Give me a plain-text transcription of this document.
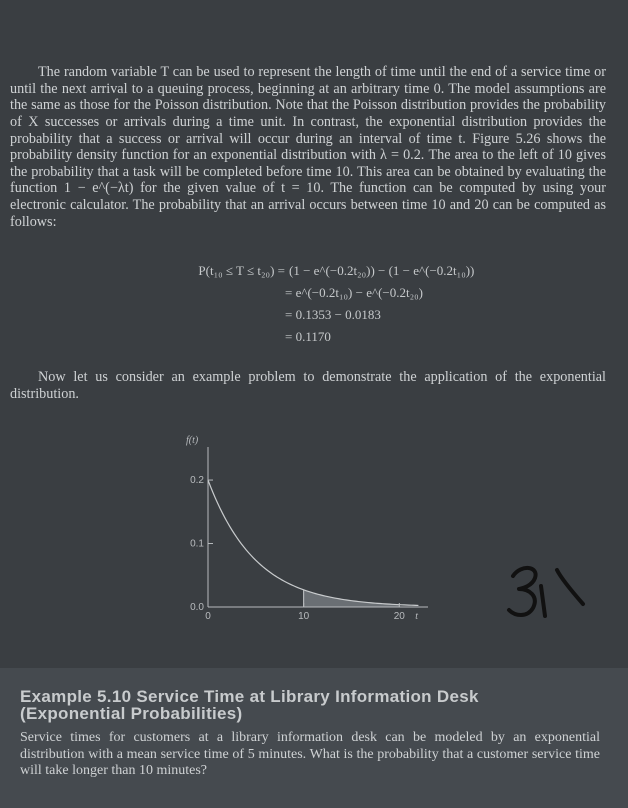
The random variable T can be used to represent the length of time until the end of a service time or until the next arrival to a queuing process, beginning at an arbitrary time 0. The model assumptions are the same as those for the Poisson distribution. Note that the Poisson distribution provides the probability of X successes or arrivals during a time unit. In contrast, the exponential distribution provides the probability that a success or arrival will occur during an interval of time t. Figure 5.26 shows the probability density function for an exponential distribution with λ = 0.2. The area to the left of 10 gives the probability that a task will be completed before time 10. This area can be obtained by evaluating the function 1 − e^(−λt) for the given value of t = 10. The function can be computed by using your electronic calculator. The probability that an arrival occurs between time 10 and 20 can be computed as follows:

P(t₁₀ ≤ T ≤ t₂₀) = (1 − e^(−0.2t₂₀)) − (1 − e^(−0.2t₁₀))
= e^(−0.2t₁₀) − e^(−0.2t₂₀)
= 0.1353 − 0.0183
= 0.1170

Now let us consider an example problem to demonstrate the application of the exponential distribution.

0.0
0.1
0.2
0	10	20
f(t)
t
Example 5.10 Service Time at Library Information Desk (Exponential Probabilities)
Service times for customers at a library information desk can be modeled by an exponential distribution with a mean service time of 5 minutes. What is the probability that a customer service time will take longer than 10 minutes?
